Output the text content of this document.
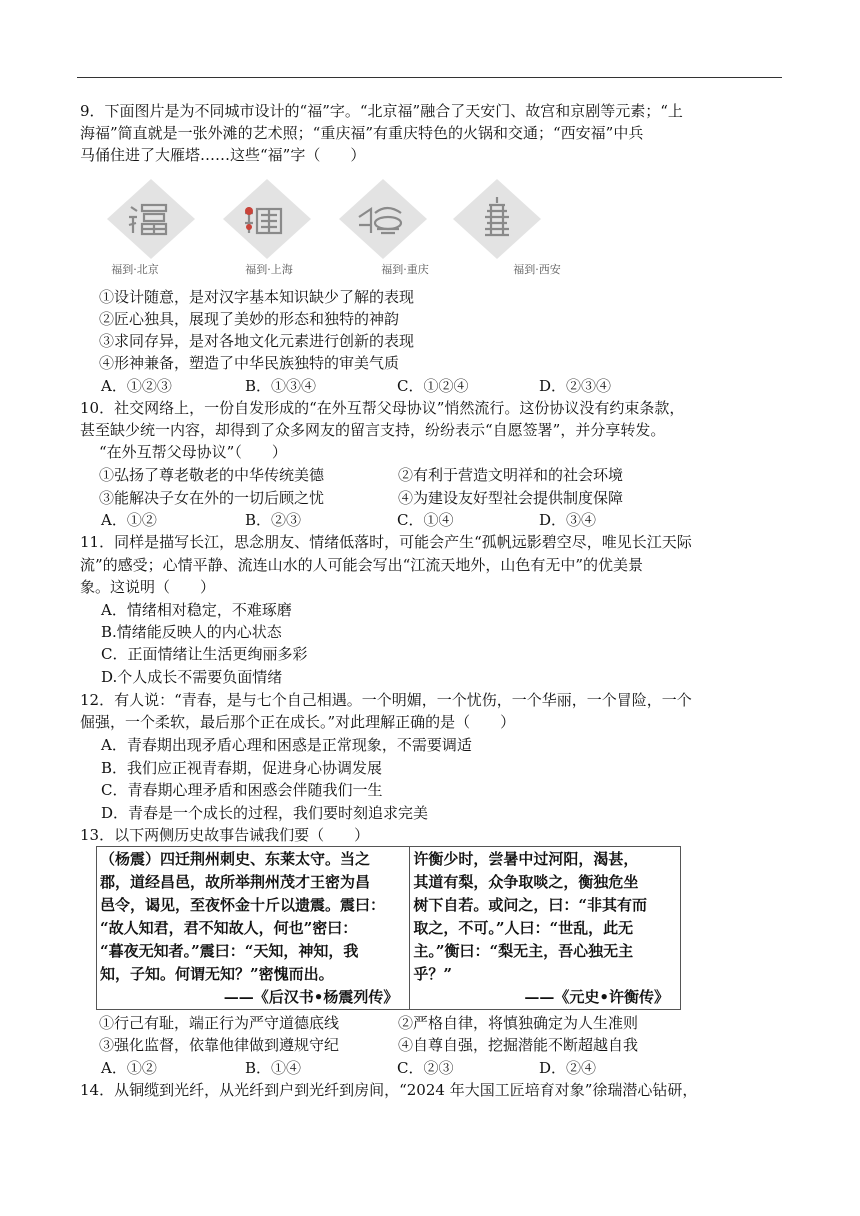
9．下面图片是为不同城市设计的“福”字。“北京福”融合了天安门、故宫和京剧等元素；“上
海福”简直就是一张外滩的艺术照；“重庆福”有重庆特色的火锅和交通；“西安福”中兵
马俑住进了大雁塔……这些“福”字（　　）
福到·北京	福到·上海	福到·重庆	福到·西安
①设计随意，是对汉字基本知识缺少了解的表现
②匠心独具，展现了美妙的形态和独特的神韵
③求同存异，是对各地文化元素进行创新的表现
④形神兼备，塑造了中华民族独特的审美气质
A．①②③	B．①③④	C．①②④	D．②③④
10．社交网络上，一份自发形成的“在外互帮父母协议”悄然流行。这份协议没有约束条款，
甚至缺少统一内容，却得到了众多网友的留言支持，纷纷表示“自愿签署”，并分享转发。
“在外互帮父母协议”（　　）
①弘扬了尊老敬老的中华传统美德	②有利于营造文明祥和的社会环境
③能解决子女在外的一切后顾之忧	④为建设友好型社会提供制度保障
A．①②	B．②③	C．①④	D．③④
11．同样是描写长江，思念朋友、情绪低落时，可能会产生“孤帆远影碧空尽，唯见长江天际
流”的感受；心情平静、流连山水的人可能会写出“江流天地外，山色有无中”的优美景
象。这说明（　　）
A．情绪相对稳定，不难琢磨
B.情绪能反映人的内心状态
C．正面情绪让生活更绚丽多彩
D.个人成长不需要负面情绪
12．有人说：“青春，是与七个自己相遇。一个明媚，一个忧伤，一个华丽，一个冒险，一个
倔强，一个柔软，最后那个正在成长。”对此理解正确的是（　　）
A．青春期出现矛盾心理和困惑是正常现象，不需要调适
B．我们应正视青春期，促进身心协调发展
C．青春期心理矛盾和困惑会伴随我们一生
D．青春是一个成长的过程，我们要时刻追求完美
13．以下两侧历史故事告诫我们要（　　）
（杨震）四迁荆州刺史、东莱太守。当之
郡，道经昌邑，故所举荆州茂才王密为昌
邑令，谒见，至夜怀金十斤以遗震。震曰：
“故人知君，君不知故人，何也”密曰：
“暮夜无知者。”震曰：“天知，神知，我
知，子知。何谓无知？”密愧而出。
——《后汉书•杨震列传》

许衡少时，尝暑中过河阳，渴甚，
其道有梨，众争取啖之，衡独危坐
树下自若。或问之，曰：“非其有而
取之，不可。”人曰：“世乱，此无
主。”衡曰：“梨无主，吾心独无主
乎？”
——《元史•许衡传》
①行己有耻，端正行为严守道德底线	②严格自律，将慎独确定为人生准则
③强化监督，依靠他律做到遵规守纪	④自尊自强，挖掘潜能不断超越自我
A．①②	B．①④	C．②③	D．②④
14．从铜缆到光纤，从光纤到户到光纤到房间，“2024 年大国工匠培育对象”徐瑞潜心钻研，
